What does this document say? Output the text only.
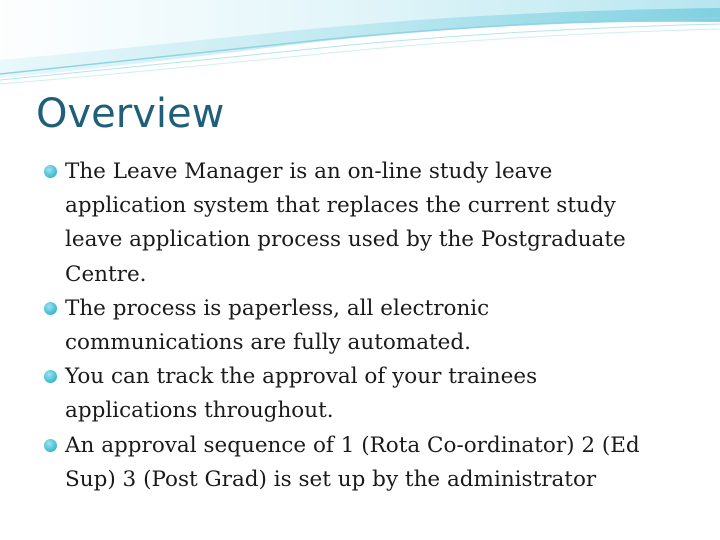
Overview
The Leave Manager is an on-line study leave application system that replaces the current study leave application process used by the Postgraduate Centre.
The process is paperless, all electronic communications are fully automated.
You can track the approval of your trainees applications throughout.
An approval sequence of 1 (Rota Co-ordinator) 2 (Ed Sup) 3 (Post Grad) is set up by the administrator
